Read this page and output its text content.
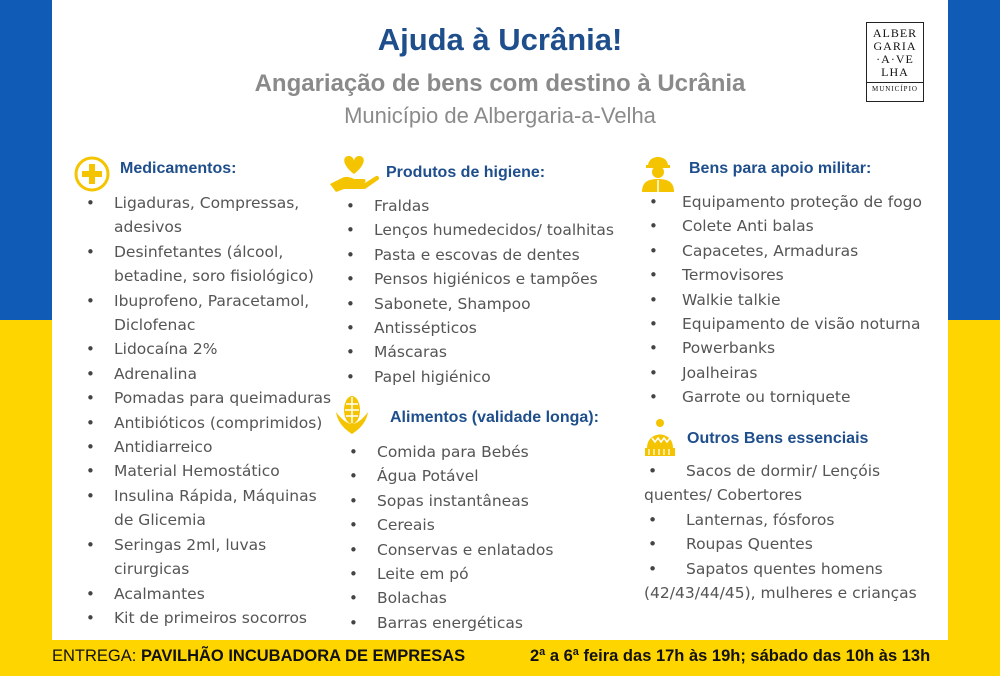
Ajuda à Ucrânia!
Angariação de bens com destino à Ucrânia
Município de Albergaria-a-Velha
ALBER
GARIA
·A·VE
LHA
MUNICÍPIO
Medicamentos:
• Ligaduras, Compressas, adesivos
• Desinfetantes (álcool, betadine, soro fisiológico)
• Ibuprofeno, Paracetamol, Diclofenac
• Lidocaína 2%
• Adrenalina
• Pomadas para queimaduras
• Antibióticos (comprimidos)
• Antidiarreico
• Material Hemostático
• Insulina Rápida, Máquinas de Glicemia
• Seringas 2ml, luvas cirurgicas
• Acalmantes
• Kit de primeiros socorros
Produtos de higiene:
• Fraldas
• Lenços humedecidos/ toalhitas
• Pasta e escovas de dentes
• Pensos higiénicos e tampões
• Sabonete, Shampoo
• Antissépticos
• Máscaras
• Papel higiénico
Alimentos (validade longa):
• Comida para Bebés
• Água Potável
• Sopas instantâneas
• Cereais
• Conservas e enlatados
• Leite em pó
• Bolachas
• Barras energéticas
Bens para apoio militar:
• Equipamento proteção de fogo
• Colete Anti balas
• Capacetes, Armaduras
• Termovisores
• Walkie talkie
• Equipamento de visão noturna
• Powerbanks
• Joalheiras
• Garrote ou torniquete
Outros Bens essenciais
• Sacos de dormir/ Lençóis quentes/ Cobertores
• Lanternas, fósforos
• Roupas Quentes
• Sapatos quentes homens (42/43/44/45), mulheres e crianças
ENTREGA: PAVILHÃO INCUBADORA DE EMPRESAS	2ª a 6ª feira das 17h às 19h; sábado das 10h às 13h
